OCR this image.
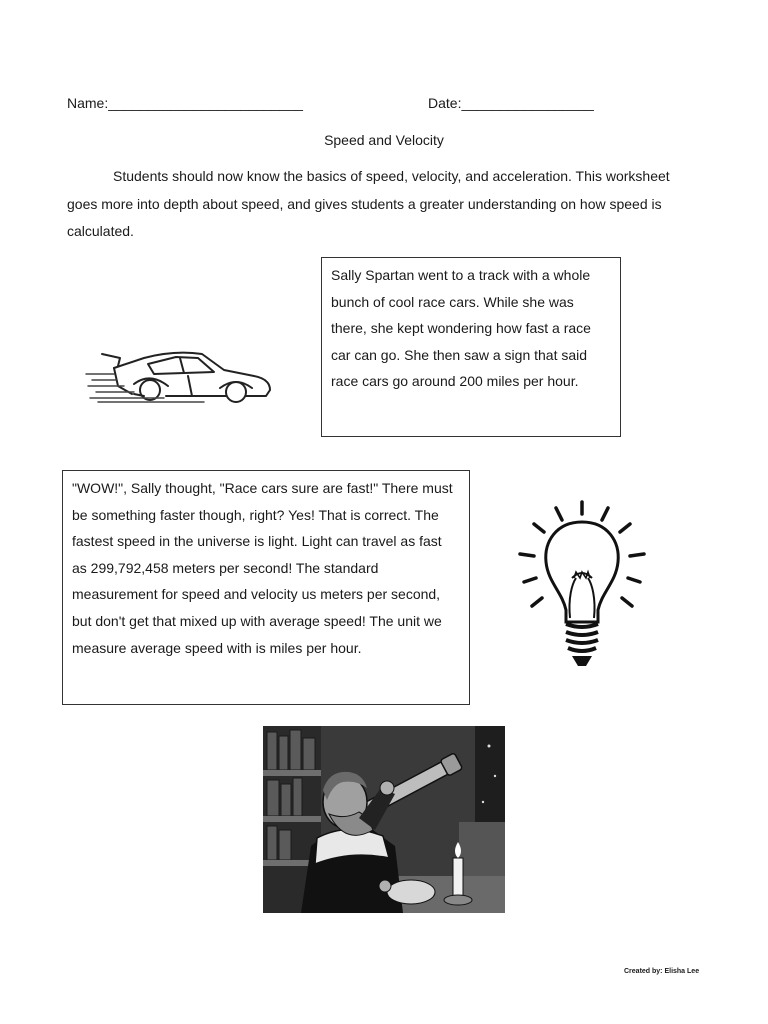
Name:_________________________	Date:_________________
Speed and Velocity
Students should now know the basics of speed, velocity, and acceleration. This worksheet goes more into depth about speed, and gives students a greater understanding on how speed is calculated.
Sally Spartan went to a track with a whole bunch of cool race cars. While she was there, she kept wondering how fast a race car can go. She then saw a sign that said race cars go around 200 miles per hour.
"WOW!", Sally thought, "Race cars sure are fast!" There must be something faster though, right? Yes! That is correct. The fastest speed in the universe is light. Light can travel as fast as 299,792,458 meters per second! The standard measurement for speed and velocity us meters per second, but don't get that mixed up with average speed! The unit we measure average speed with is miles per hour.
Created by: Elisha Lee
